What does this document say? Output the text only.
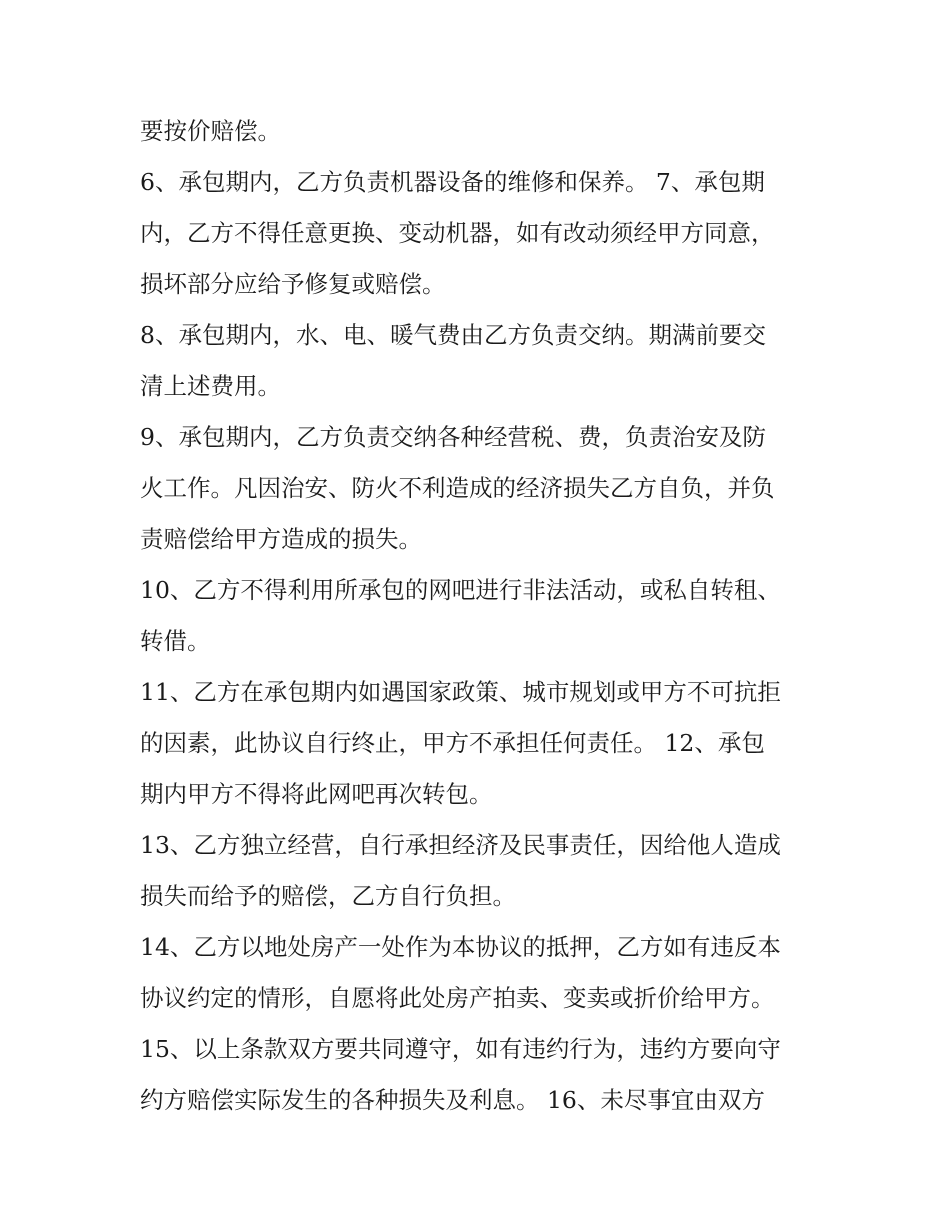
要按价赔偿。
6、承包期内，乙方负责机器设备的维修和保养。 7、承包期
内，乙方不得任意更换、变动机器，如有改动须经甲方同意，
损坏部分应给予修复或赔偿。
8、承包期内，水、电、暖气费由乙方负责交纳。期满前要交
清上述费用。
9、承包期内，乙方负责交纳各种经营税、费，负责治安及防
火工作。凡因治安、防火不利造成的经济损失乙方自负，并负
责赔偿给甲方造成的损失。
10、乙方不得利用所承包的网吧进行非法活动，或私自转租、
转借。
11、乙方在承包期内如遇国家政策、城市规划或甲方不可抗拒
的因素，此协议自行终止，甲方不承担任何责任。 12、承包
期内甲方不得将此网吧再次转包。
13、乙方独立经营，自行承担经济及民事责任，因给他人造成
损失而给予的赔偿，乙方自行负担。
14、乙方以地处房产一处作为本协议的抵押，乙方如有违反本
协议约定的情形，自愿将此处房产拍卖、变卖或折价给甲方。
15、以上条款双方要共同遵守，如有违约行为，违约方要向守
约方赔偿实际发生的各种损失及利息。 16、未尽事宜由双方
